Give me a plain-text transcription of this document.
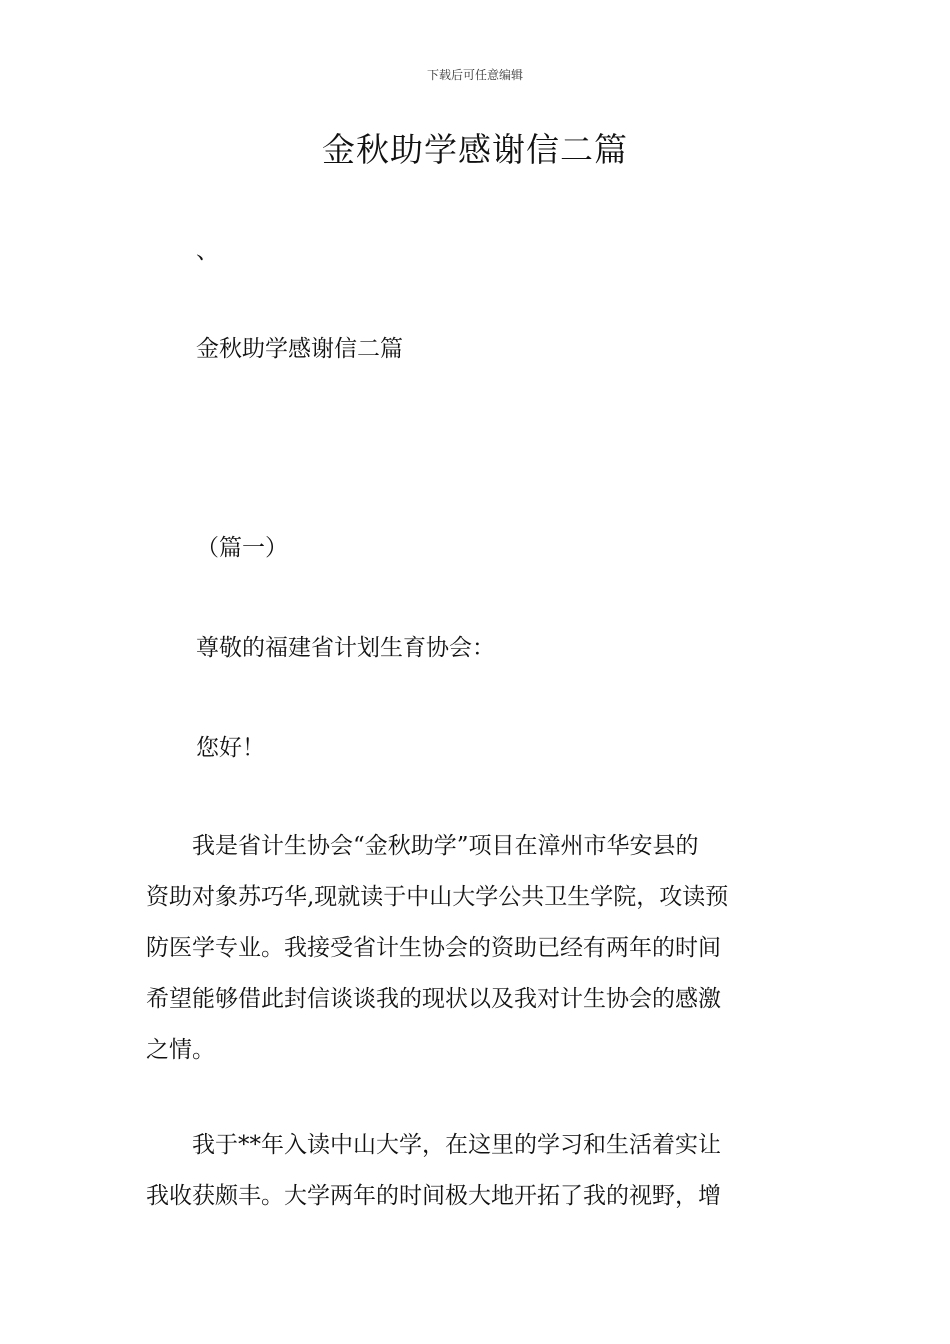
下载后可任意编辑
金秋助学感谢信二篇
、
金秋助学感谢信二篇
（篇一）
尊敬的福建省计划生育协会：
您好！
　　我是省计生协会“金秋助学”项目在漳州市华安县的
资助对象苏巧华,现就读于中山大学公共卫生学院，攻读预
防医学专业。我接受省计生协会的资助已经有两年的时间
希望能够借此封信谈谈我的现状以及我对计生协会的感激
之情。
　　我于**年入读中山大学，在这里的学习和生活着实让
我收获颇丰。大学两年的时间极大地开拓了我的视野，增
